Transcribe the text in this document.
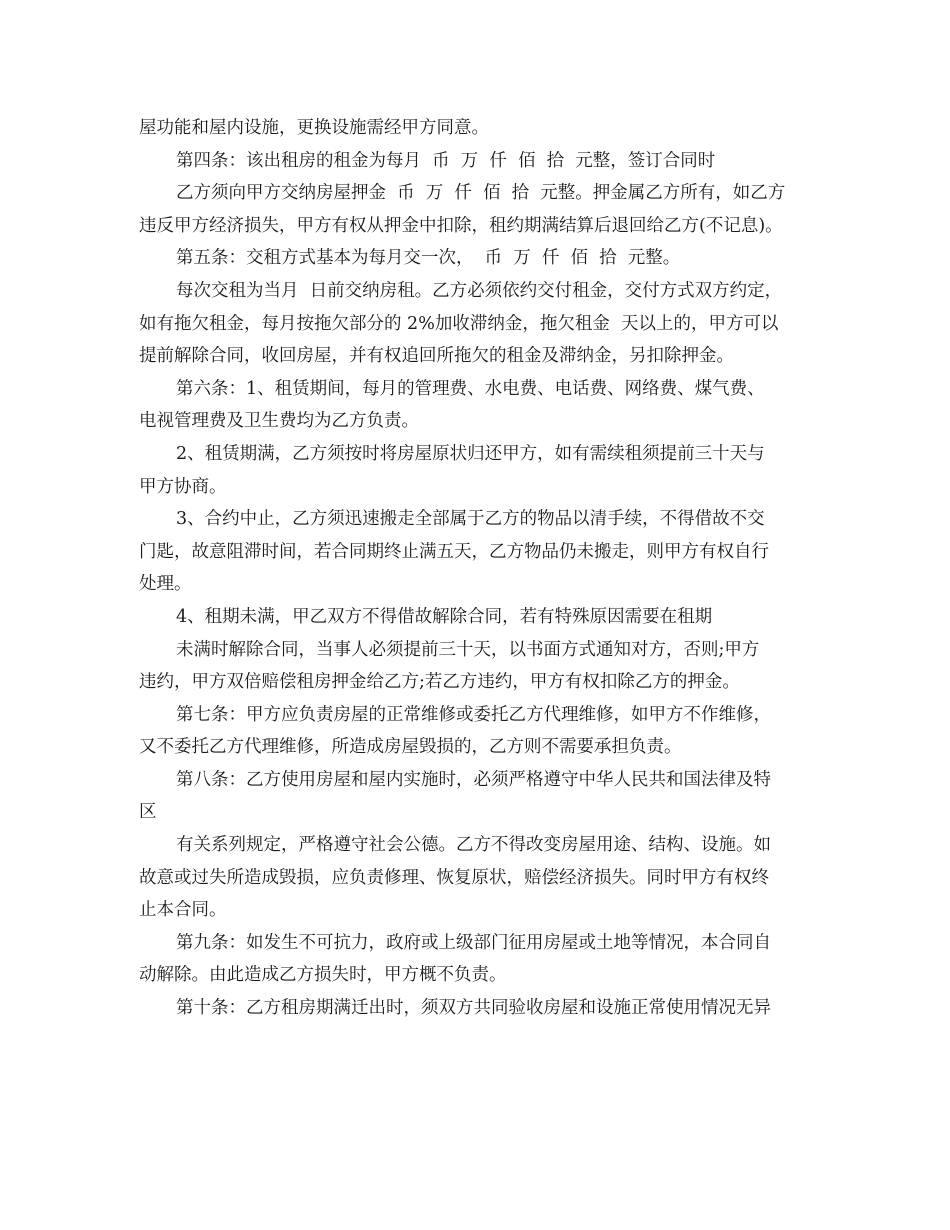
屋功能和屋内设施，更换设施需经甲方同意。
第四条：该出租房的租金为每月  币  万  仟  佰  拾  元整，签订合同时
乙方须向甲方交纳房屋押金  币  万  仟  佰  拾  元整。押金属乙方所有，如乙方
违反甲方经济损失，甲方有权从押金中扣除，租约期满结算后退回给乙方(不记息)。
第五条：交租方式基本为每月交一次，  币  万  仟  佰  拾  元整。
每次交租为当月  日前交纳房租。乙方必须依约交付租金，交付方式双方约定，
如有拖欠租金，每月按拖欠部分的 2%加收滞纳金，拖欠租金  天以上的，甲方可以
提前解除合同，收回房屋，并有权追回所拖欠的租金及滞纳金，另扣除押金。
第六条：1、租赁期间，每月的管理费、水电费、电话费、网络费、煤气费、
电视管理费及卫生费均为乙方负责。
2、租赁期满，乙方须按时将房屋原状归还甲方，如有需续租须提前三十天与
甲方协商。
3、合约中止，乙方须迅速搬走全部属于乙方的物品以清手续，不得借故不交
门匙，故意阻滞时间，若合同期终止满五天，乙方物品仍未搬走，则甲方有权自行
处理。
4、租期未满，甲乙双方不得借故解除合同，若有特殊原因需要在租期
未满时解除合同，当事人必须提前三十天，以书面方式通知对方，否则;甲方
违约，甲方双倍赔偿租房押金给乙方;若乙方违约，甲方有权扣除乙方的押金。
第七条：甲方应负责房屋的正常维修或委托乙方代理维修，如甲方不作维修，
又不委托乙方代理维修，所造成房屋毁损的，乙方则不需要承担负责。
第八条：乙方使用房屋和屋内实施时，必须严格遵守中华人民共和国法律及特
区
有关系列规定，严格遵守社会公德。乙方不得改变房屋用途、结构、设施。如
故意或过失所造成毁损，应负责修理、恢复原状，赔偿经济损失。同时甲方有权终
止本合同。
第九条：如发生不可抗力，政府或上级部门征用房屋或土地等情况，本合同自
动解除。由此造成乙方损失时，甲方概不负责。
第十条：乙方租房期满迁出时，须双方共同验收房屋和设施正常使用情况无异
